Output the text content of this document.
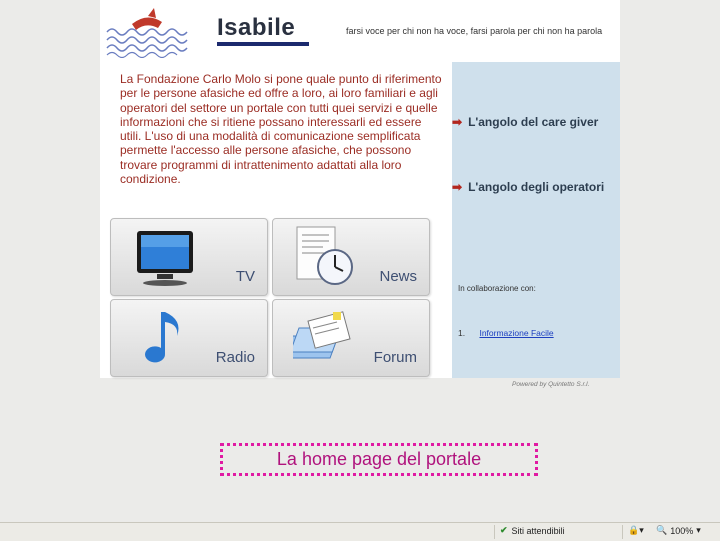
Isabile	farsi voce per chi non ha voce, farsi parola per chi non ha parola
La Fondazione Carlo Molo si pone quale punto di riferimento per le persone afasiche ed offre a loro, ai loro familiari e agli operatori del settore un portale con tutti quei servizi e quelle informazioni che si ritiene possano interessarli ed essere utili. L'uso di una modalità di comunicazione semplificata permette l'accesso alle persone afasiche, che possono trovare programmi di intrattenimento adattati alla loro condizione.
➡ L'angolo del care giver
➡ L'angolo degli operatori
In collaborazione con:
1. Informazione Facile
TV	News
Radio	Forum
Powered by Quintetto S.r.l.
La home page del portale
✔ Siti attendibili	🔒▾ 🔍 100% ▾
